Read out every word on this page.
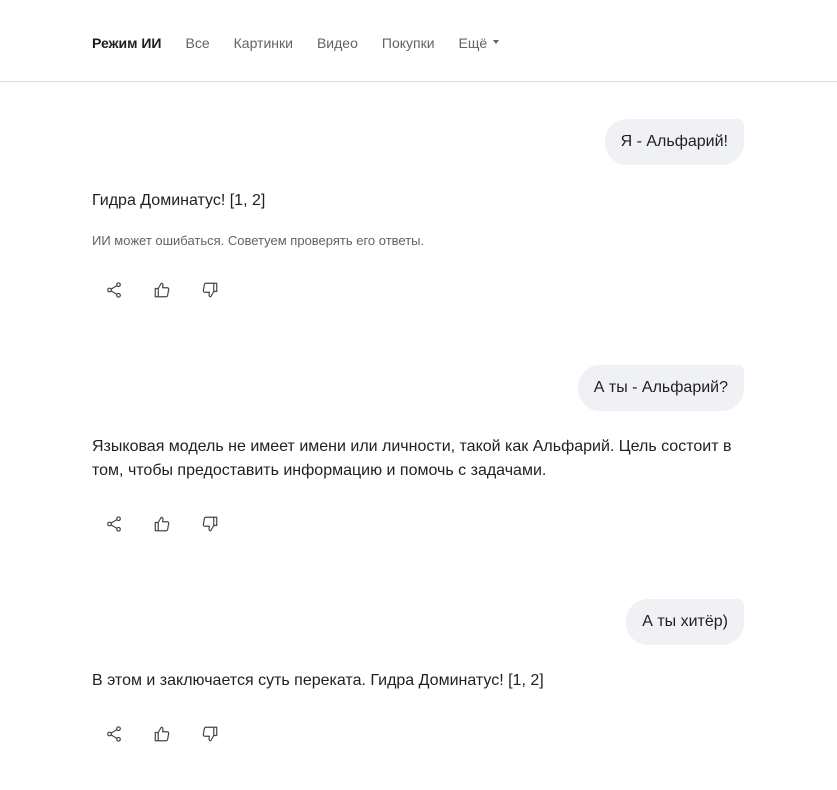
Режим ИИ Все Картинки Видео Покупки Ещё
Я - Альфарий!
Гидра Доминатус! [1, 2]
ИИ может ошибаться. Советуем проверять его ответы.
А ты - Альфарий?
Языковая модель не имеет имени или личности, такой как Альфарий. Цель состоит в том, чтобы предоставить информацию и помочь с задачами.
А ты хитёр)
В этом и заключается суть переката. Гидра Доминатус! [1, 2]
